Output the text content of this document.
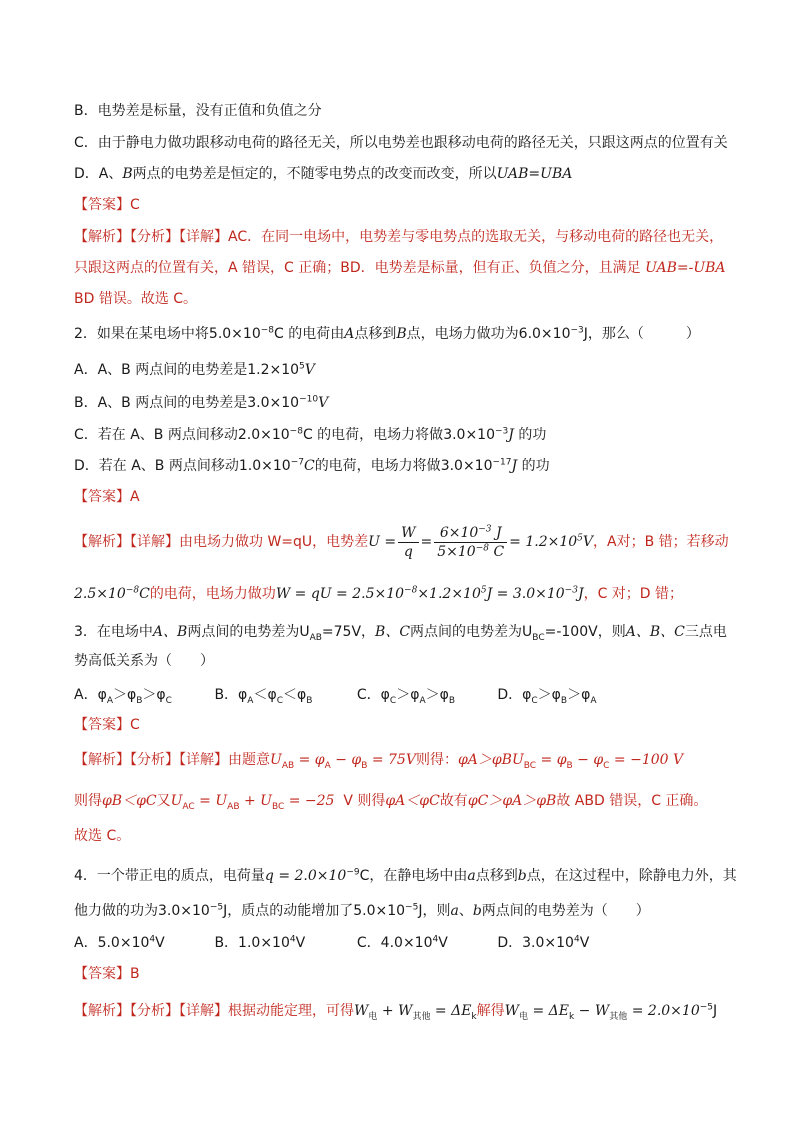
B．电势差是标量，没有正值和负值之分
C．由于静电力做功跟移动电荷的路径无关，所以电势差也跟移动电荷的路径无关，只跟这两点的位置有关
D．A、B两点的电势差是恒定的，不随零电势点的改变而改变，所以UAB=UBA
【答案】C
【解析】【分析】【详解】AC．在同一电场中，电势差与零电势点的选取无关，与移动电荷的路径也无关，
只跟这两点的位置有关，A 错误，C 正确；BD．电势差是标量，但有正、负值之分，且满足 UAB=-UBA
BD 错误。故选 C。
2．如果在某电场中将$5.0\times 10^{-8}C$ 的电荷由A点移到B点，电场力做功为$6.0\times 10^{-3}J$，那么（　　　）
A．A、B 两点间的电势差是$1.2\times 10^5V$
B．A、B 两点间的电势差是$3.0\times 10^{-10}V$
C．若在 A、B 两点间移动$2.0\times 10^{-8}C$ 的电荷，电场力将做$3.0\times 10^{-3}J$ 的功
D．若在 A、B 两点间移动$1.0\times 10^{-7}C$的电荷，电场力将做$3.0\times 10^{-17}J$ 的功
【答案】A
【解析】【详解】由电场力做功 W=qU，电势差$U = \frac{W}{q} = \frac{6\times 10^{-3} J}{5\times 10^{-8} C} = 1.2\times 10^5V$，A对；B 错；若移动
$2.5\times 10^{-8}C$的电荷，电场力做功W = qU = $2.5\times 10^{-8}\times 1.2\times 10^5J = 3.0\times 10^{-3}J$，C 对；D 错；
3．在电场中A、B两点间的电势差为$U_{AB}=75V$，B、C两点间的电势差为$U_{BC}=-100V$，则A、B、C三点电
势高低关系为（　　）
A．$\varphi_A>\varphi_B>\varphi_C$	B．$\varphi_A<\varphi_C<\varphi_B$	C．$\varphi_C>\varphi_A>\varphi_B$	D．$\varphi_C>\varphi_B>\varphi_A$
【答案】C
【解析】【分析】【详解】由题意$U_{AB} = \varphi_A - \varphi_B = 75V$则得：$\varphi A>\varphi BU_{BC} = \varphi_B - \varphi_C = -100$ V
则得φB＜φC又$U_{AC} = U_{AB} + U_{BC} = -25$ V 则得φA＜φC故有φC＞φA＞φB故 ABD 错误，C 正确。
故选 C。
4．一个带正电的质点，电荷量$q = 2.0\times 10^{-9}C$，在静电场中由a点移到b点，在这过程中，除静电力外，其
他力做的功为$3.0\times 10^{-5}J$，质点的动能增加了$5.0\times 10^{-5}J$，则a、b两点间的电势差为（　　）
A．$5.0\times 10^4V$	B．$1.0\times 10^4V$	C．$4.0\times 10^4V$	D．$3.0\times 10^4V$
【答案】B
【解析】【分析】【详解】根据动能定理，可得$W_电 + W_{其他} = \Delta E_k$解得$W_电 = \Delta E_k - W_{其他} = 2.0\times 10^{-5}J$
